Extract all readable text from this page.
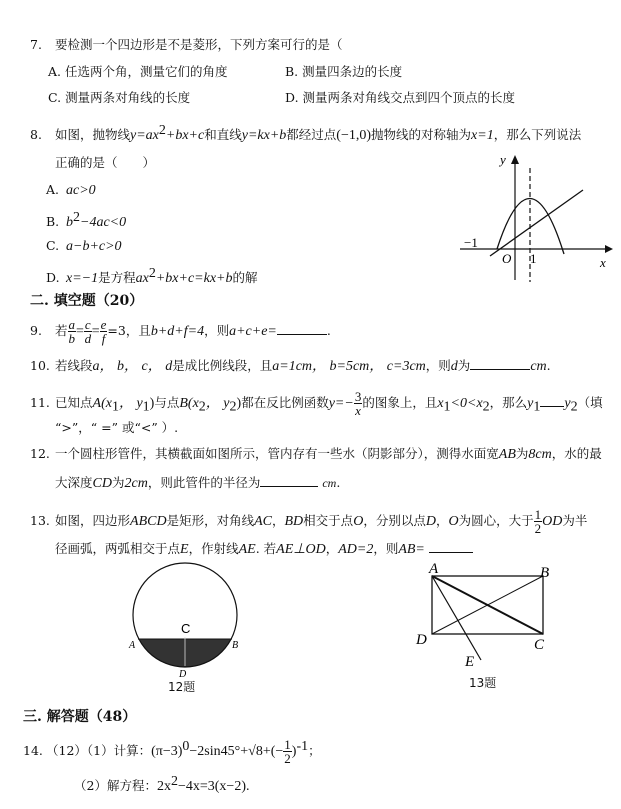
7. 要检测一个四边形是不是菱形，下列方案可行的是（
A. 任选两个角，测量它们的角度	B. 测量四条边的长度
C. 测量两条对角线的长度	D. 测量两条对角线交点到四个顶点的长度
8. 如图，抛物线$y=ax^2+bx+c$和直线y=kx+b都经过点(−1,0)抛物线的对称轴为x=1，那么下列说法
正确的是（　　）
A. ac>0
B. $b^2-4ac<0$
C. a−b+c>0
D. x=−1是方程$ax^2+bx+c=kx+b$的解
y
x
O
−1
1
二. 填空题（20）
9. 若 $\frac{a}{b} = \frac{c}{d} = \frac{e}{f} =3$，且b+d+f=4，则a+c+e=	.
10. 若线段a， b， c， d是成比例线段，且a=1cm， b=5cm， c=3cm，则d为	cm.
11. 已知点$A(x_1$， $y_1$)与点$B(x_2$， $y_2$)都在反比例函数$y=- \frac{3}{x}$ 的图象上，且$x_1<0<x_2$，那么$y_1$ $y_2$（填
“>”，“ =” 或“<” ）.
12. 一个圆柱形管件，其横截面如图所示，管内存有一些水（阴影部分），测得水面宽AB为8cm，水的最
大深度CD为2cm，则此管件的半径为	cm.
13. 如图，四边形ABCD是矩形，对角线AC，BD相交于点O，分别以点D，O为圆心，大于 $\frac{1}{2}$ OD为半
径画弧，两弧相交于点E，作射线AE. 若AE⊥OD，AD=2，则AB=
C
A	B
D
12题
A	B
C
D
E
13题
三. 解答题（48）
14. （12）（1）计算：$(\pi-3)^0-2\sin 45^\circ+√8+(- \frac{1}{2} )^{-1}$；
（2）解方程：$2x^2-4x=3(x-2)$.
